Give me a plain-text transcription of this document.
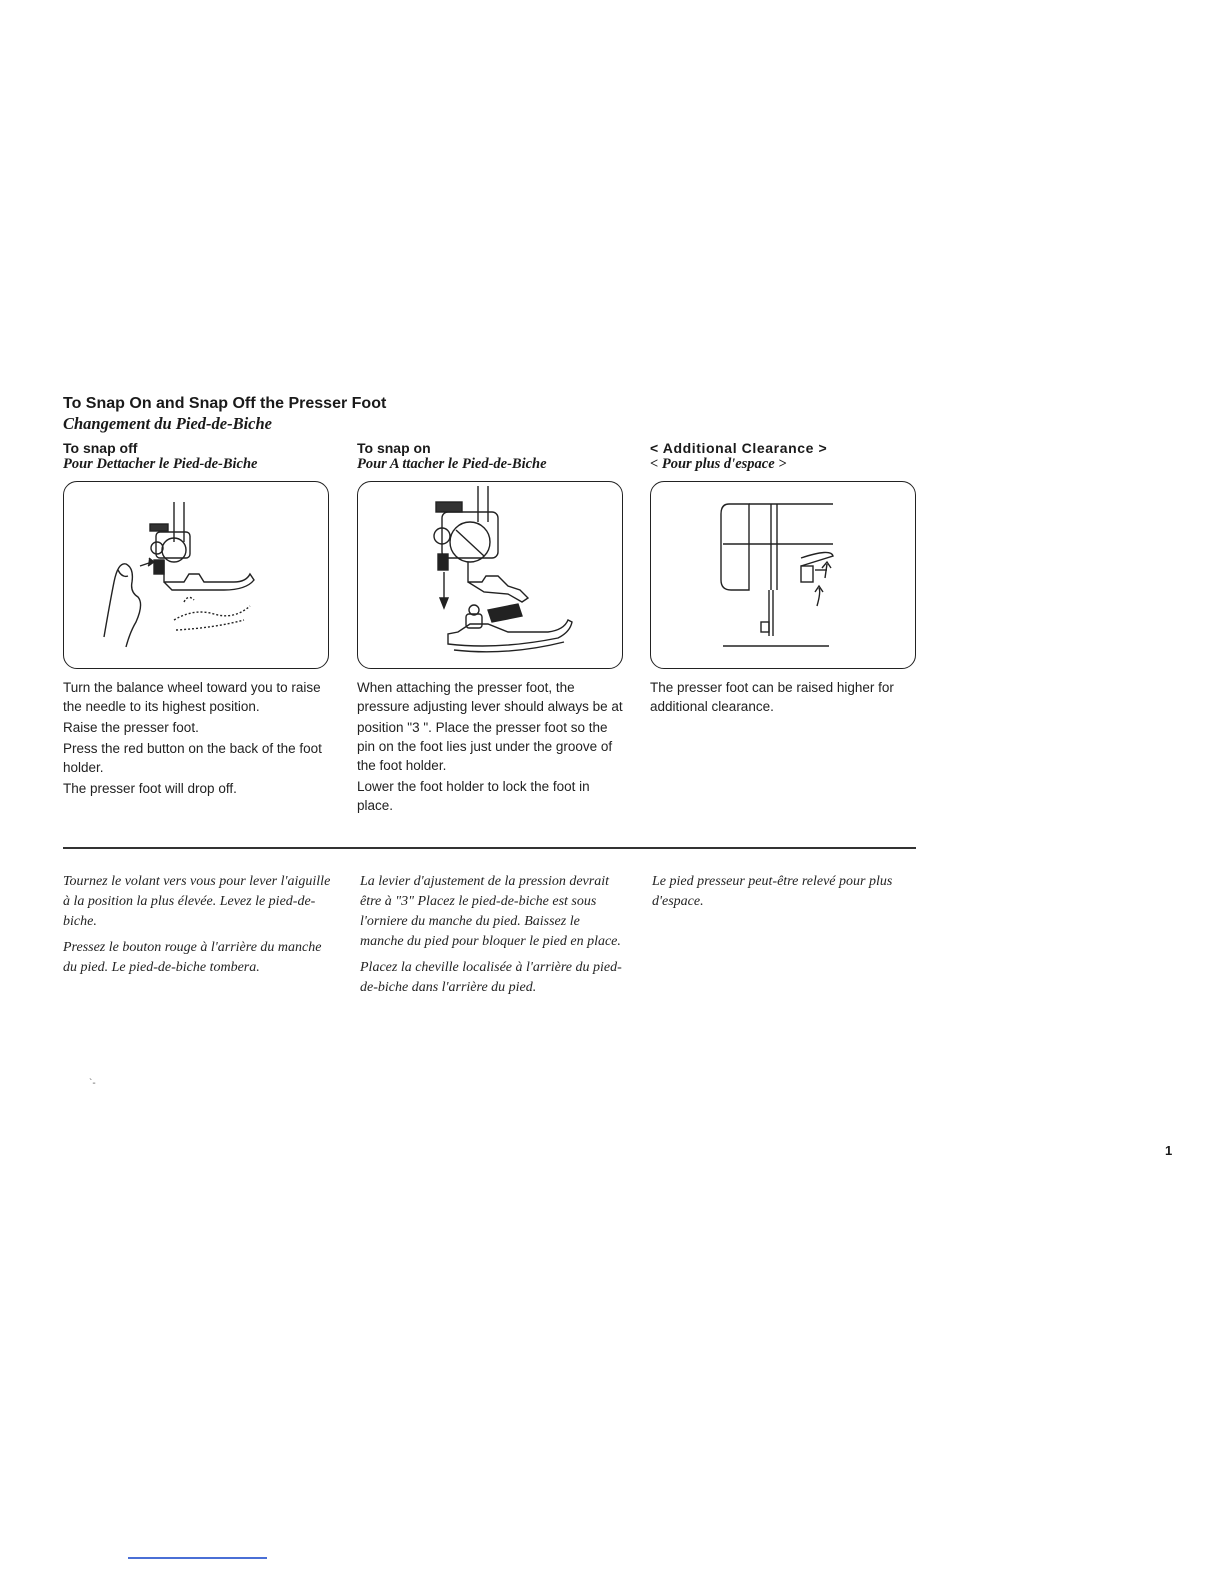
To Snap On and Snap Off the Presser Foot
Changement du Pied-de-Biche
To snap off
Pour Dettacher le Pied-de-Biche

Turn the balance wheel toward you to raise the needle to its highest position.

Raise the presser foot.

Press the red button on the back of the foot holder.

The presser foot will drop off.

To snap on
Pour A ttacher le Pied-de-Biche

When attaching the presser foot, the pressure adjusting lever should always be at

position "3 ". Place the presser foot so the pin on the foot lies just under the groove of the foot holder.

Lower the foot holder to lock the foot in place.

< Additional Clearance >
< Pour plus d'espace >

The presser foot can be raised higher for additional clearance.

Tournez le volant vers vous pour lever l'aiguille à la position la plus élevée. Levez le pied-de-biche.

Pressez le bouton rouge à l'arrière du manche du pied. Le pied-de-biche tombera.

La levier d'ajustement de la pression devrait être à "3" Placez le pied-de-biche est sous l'orniere du manche du pied. Baissez le manche du pied pour bloquer le pied en place.

Placez la cheville localisée à l'arrière du pied-de-biche dans l'arrière du pied.

Le pied presseur peut-être relevé pour plus d'espace.

`-
1
